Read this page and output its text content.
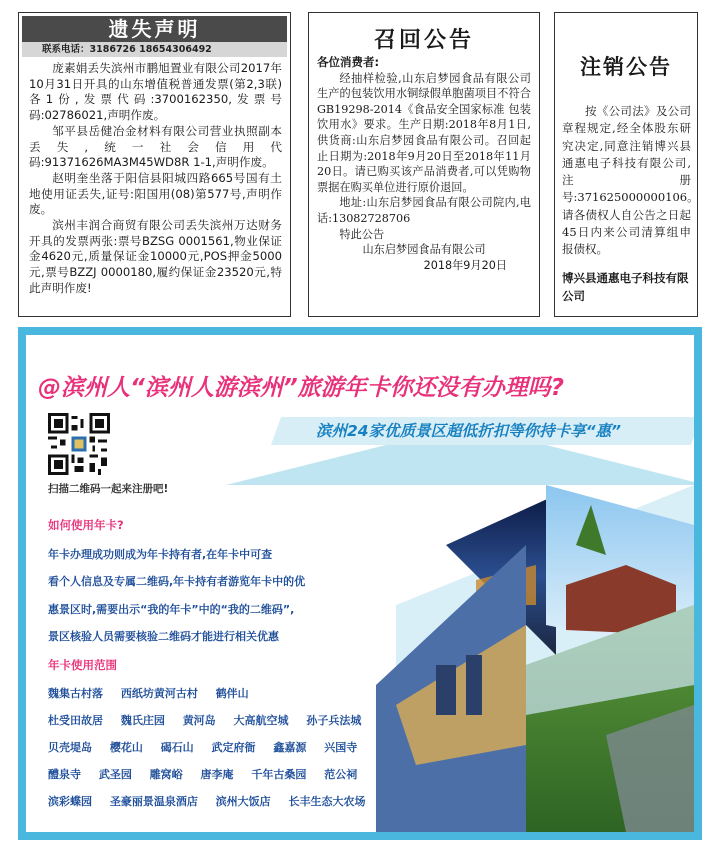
遗失声明
联系电话：3186726 18654306492

庞素娟丢失滨州市鹏旭置业有限公司2017年10月31日开具的山东增值税普通发票(第2,3联)各1份,发票代码:3700162350,发票号码:02786021,声明作废。

邹平县岳健冶金材料有限公司营业执照副本丢失,统一社会信用代码:91371626MA3M45WD8R 1-1,声明作废。

赵明奎坐落于阳信县阳城四路665号国有土地使用证丢失,证号:阳国用(08)第577号,声明作废。

滨州丰润合商贸有限公司丢失滨州万达财务开具的发票两张:票号BZSG 0001561,物业保证金4620元,质量保证金10000元,POS押金5000元,票号BZZJ 0000180,履约保证金23520元,特此声明作废!

召回公告

各位消费者:

经抽样检验,山东启梦园食品有限公司生产的包装饮用水铜绿假单胞菌项目不符合GB19298-2014《食品安全国家标准 包装饮用水》要求。生产日期:2018年8月1日,供货商:山东启梦园食品有限公司。召回起止日期为:2018年9月20日至2018年11月20日。请已购买该产品消费者,可以凭购物票据在购买单位进行原价退回。

地址:山东启梦园食品有限公司院内,电话:13082728706

特此公告

山东启梦园食品有限公司

2018年9月20日

注销公告

按《公司法》及公司章程规定,经全体股东研究决定,同意注销博兴县通惠电子科技有限公司,注册号:371625000000106。请各债权人自公告之日起45日内来公司清算组申报债权。

博兴县通惠电子科技有限公司
@滨州人“滨州人游滨州”旅游年卡你还没有办理吗?
滨州24家优质景区超低折扣等你持卡享“惠”
扫描二维码一起来注册吧!
如何使用年卡?
年卡办理成功则成为年卡持有者,在年卡中可查
看个人信息及专属二维码,年卡持有者游览年卡中的优
惠景区时,需要出示“我的年卡”中的“我的二维码”,
景区核验人员需要核验二维码才能进行相关优惠
年卡使用范围
魏集古村落 西纸坊黄河古村 鹤伴山
杜受田故居 魏氏庄园 黄河岛 大高航空城 孙子兵法城
贝壳堤岛 樱花山 碣石山 武定府衙 鑫嘉源 兴国寺
醴泉寺 武圣园 雕窝峪 唐李庵 千年古桑园 范公祠
滨彩蝶园 圣豪丽景温泉酒店 滨州大饭店 长丰生态大农场
